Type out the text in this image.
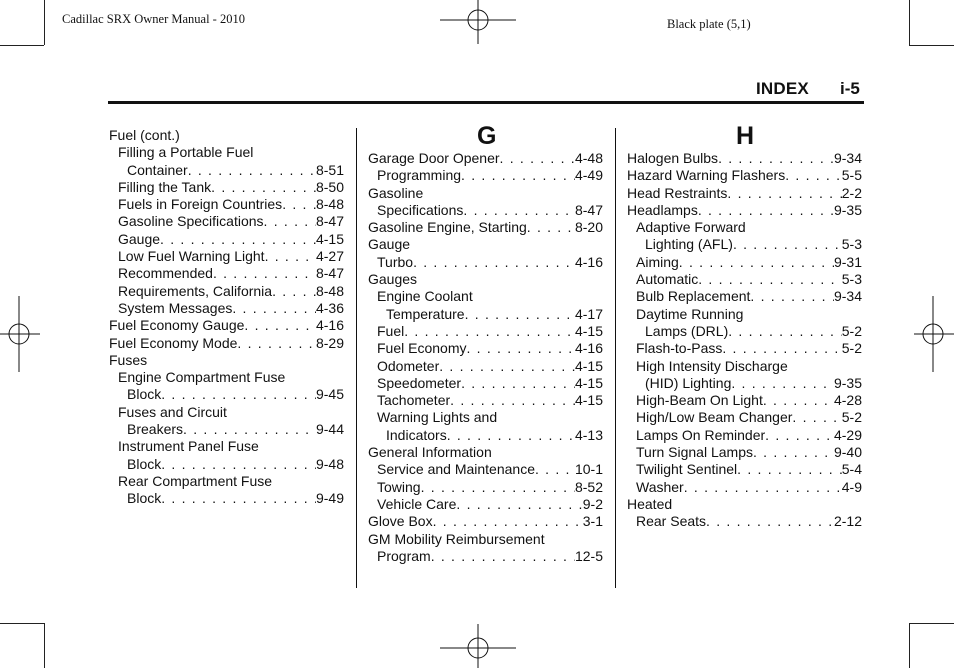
Cadillac SRX Owner Manual - 2010	Black plate (5,1)
INDEX i-5
G	H
Fuel (cont.)
Filling a Portable Fuel
Container . . .	8-51
Filling the Tank . . .	8-50
Fuels in Foreign Countries . . . 8-48
Gasoline Specifications . . .	8-47
Gauge . . .	4-15
Low Fuel Warning Light . . .	4-27
Recommended . . .	8-47
Requirements, California . . .	8-48
System Messages . . .	4-36
Fuel Economy Gauge . . .	4-16
Fuel Economy Mode . . .	8-29
Fuses
Engine Compartment Fuse
Block . . .	9-45
Fuses and Circuit
Breakers . . .	9-44
Instrument Panel Fuse
Block . . .	9-48
Rear Compartment Fuse
Block . . .	9-49
Garage Door Opener . . .	4-48
Programming . . .	4-49
Gasoline
Specifications . . .	8-47
Gasoline Engine, Starting . . .	8-20
Gauge
Turbo . . .	4-16
Gauges
Engine Coolant
Temperature . . .	4-17
Fuel . . .	4-15
Fuel Economy . . .	4-16
Odometer . . .	4-15
Speedometer . . .	4-15
Tachometer . . .	4-15
Warning Lights and
Indicators . . .	4-13
General Information
Service and Maintenance . . .	10-1
Towing . . .	8-52
Vehicle Care . . .	9-2
Glove Box . . .	3-1
GM Mobility Reimbursement
Program . . .	12-5
Halogen Bulbs . . .	9-34
Hazard Warning Flashers . . .	5-5
Head Restraints . . .	2-2
Headlamps . . .	9-35
Adaptive Forward
Lighting (AFL) . . .	5-3
Aiming . . .	9-31
Automatic . . .	5-3
Bulb Replacement . . .	9-34
Daytime Running
Lamps (DRL) . . .	5-2
Flash-to-Pass . . .	5-2
High Intensity Discharge
(HID) Lighting . . .	9-35
High-Beam On Light . . .	4-28
High/Low Beam Changer . . .	5-2
Lamps On Reminder . . .	4-29
Turn Signal Lamps . . .	9-40
Twilight Sentinel . . .	5-4
Washer . . .	4-9
Heated
Rear Seats . . .	2-12
